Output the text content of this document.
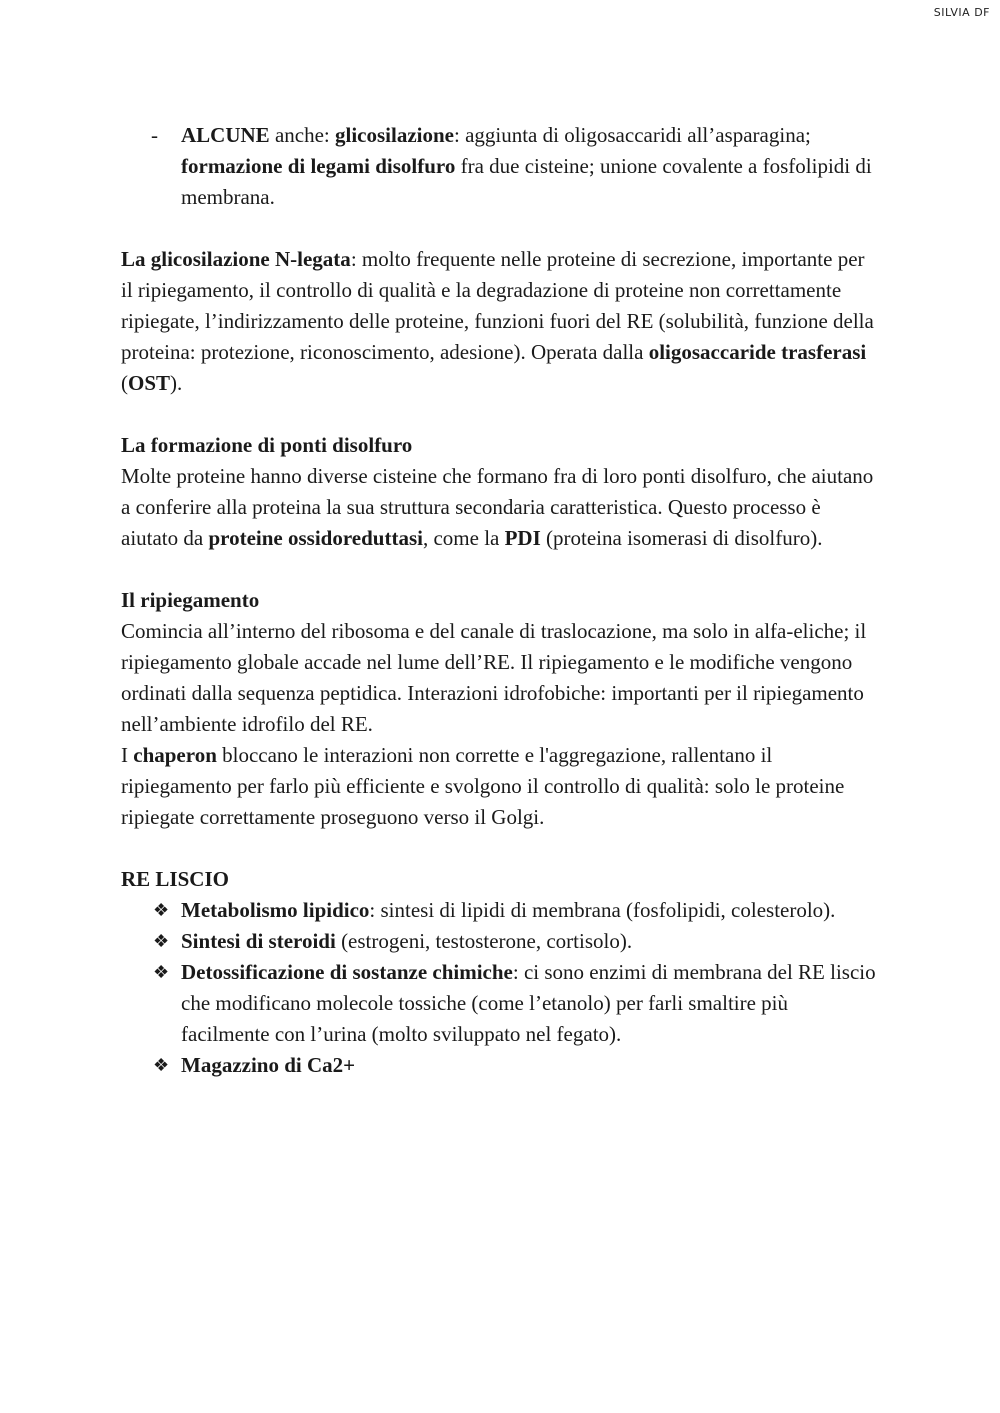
SILVIA DF
- ALCUNE anche: glicosilazione: aggiunta di oligosaccaridi all’asparagina; formazione di legami disolfuro fra due cisteine; unione covalente a fosfolipidi di membrana.
La glicosilazione N-legata: molto frequente nelle proteine di secrezione, importante per il ripiegamento, il controllo di qualità e la degradazione di proteine non correttamente ripiegate, l’indirizzamento delle proteine, funzioni fuori del RE (solubilità, funzione della proteina: protezione, riconoscimento, adesione). Operata dalla oligosaccaride trasferasi (OST).
La formazione di ponti disolfuro
Molte proteine hanno diverse cisteine che formano fra di loro ponti disolfuro, che aiutano a conferire alla proteina la sua struttura secondaria caratteristica. Questo processo è aiutato da proteine ossidoreduttasi, come la PDI (proteina isomerasi di disolfuro).
Il ripiegamento
Comincia all’interno del ribosoma e del canale di traslocazione, ma solo in alfa-eliche; il ripiegamento globale accade nel lume dell’RE. Il ripiegamento e le modifiche vengono ordinati dalla sequenza peptidica. Interazioni idrofobiche: importanti per il ripiegamento nell’ambiente idrofilo del RE.
I chaperon bloccano le interazioni non corrette e l'aggregazione, rallentano il ripiegamento per farlo più efficiente e svolgono il controllo di qualità: solo le proteine ripiegate correttamente proseguono verso il Golgi.
RE LISCIO
❖ Metabolismo lipidico: sintesi di lipidi di membrana (fosfolipidi, colesterolo).
❖ Sintesi di steroidi (estrogeni, testosterone, cortisolo).
❖ Detossificazione di sostanze chimiche: ci sono enzimi di membrana del RE liscio che modificano molecole tossiche (come l’etanolo) per farli smaltire più facilmente con l’urina (molto sviluppato nel fegato).
❖ Magazzino di Ca2+
